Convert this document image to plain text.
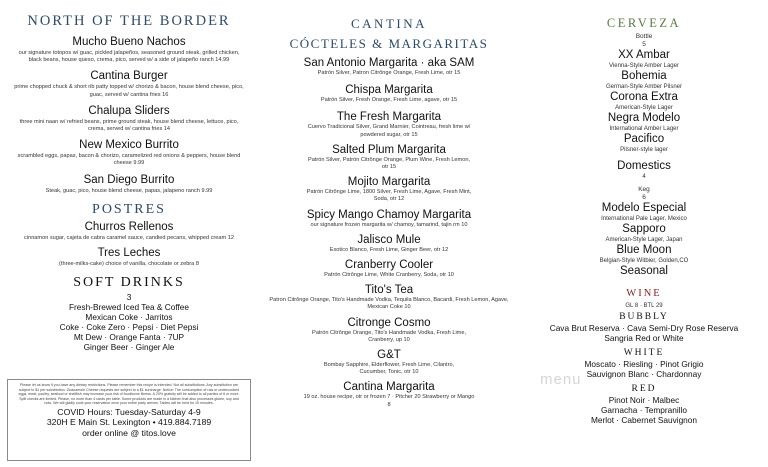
NORTH OF THE BORDER
Mucho Bueno Nachos
our signature totopos w/ guac, pickled jalapeños, seasoned ground steak, grilled chicken, black beans, house queso, crema, pico, served w/ a side of jalapeño ranch 14.99
Cantina Burger
prime chopped chuck & short rib patty topped w/ chorizo & bacon, house blend cheese, pico, guac, served w/ cantina fries 16
Chalupa Sliders
three mini naan w/ refried beans, prime ground steak, house blend cheese, lettuce, pico, crema, served w/ cantina fries 14
New Mexico Burrito
scrambled eggs, papas, bacon & chorizo, caramelized red onions & peppers, house blend cheese 9.99
San Diego Burrito
Steak, guac, pico, house blend cheese, papas, jalapeno ranch 9.99
POSTRES
Churros Rellenos
cinnamon sugar, cajeta de cabra caramel sauce, candied pecans, whipped cream 12
Tres Leches
(three-milks-cake) choice of vanilla, chocolate or zebra 8
SOFT DRINKS
3
Fresh-Brewed Iced Tea & Coffee
Mexican Coke · Jarritos
Coke · Coke Zero · Pepsi · Diet Pepsi
Mt Dew · Orange Fanta · 7UP
Ginger Beer · Ginger Ale
Please let us know if you have any dietary restrictions. Please remember this recipe is intended. Not all substitutions. Any substitution are subject to $1 per substitution. Guacamole Cheese requests are subject to a $1 surcharge. Notice: The consumption of raw or undercooked eggs, meat, poultry, seafood or shellfish may increase your risk of foodborne illness. A 20% gratuity will be added to all parties of 6 or more. Split checks are limited. Please, no more than 4 cards per table. Some products are made in a kitchen that also processes gluten, soy and nuts. We will gladly cook your reservation once your entire party arrives. Tables will be held for 15 minutes.
COVID Hours: Tuesday-Saturday 4-9
320H E Main St. Lexington • 419.884.7189
order online @ titos.love
CANTINA
CÓCTELES & MARGARITAS
San Antonio Margarita · aka SAM
Patrón Silver, Patron Citrônge Orange, Fresh Lime, otr 15
Chispa Margarita
Patrón Silver, Fresh Orange, Fresh Lime, agave, otr 15
The Fresh Margarita
Cuervo Tradicional Silver, Grand Marnier, Cointreau, fresh lime w/ powdered sugar, otr 15
Salted Plum Margarita
Patrón Silver, Patrón Citrônge Orange, Plum Wine, Fresh Lemon, otr 15
Mojito Margarita
Patrón Citrônge Lime, 1800 Silver, Fresh Lime, Agave, Fresh Mint, Soda, otr 12
Spicy Mango Chamoy Margarita
our signature frozen margarita w/ chamoy, tamarind, tajin rm 10
Jalisco Mule
Exotico Blanco, Fresh Lime, Ginger Beer, otr 12
Cranberry Cooler
Patrón Citrônge Lime, White Cranberry, Soda, otr 10
Tito's Tea
Patron Citrônge Orange, Tito's Handmade Vodka, Tequila Blanco, Bacardi, Fresh Lemon, Agave, Mexican Coke 10
Citronge Cosmo
Patrón Citrônge Orange, Tito's Handmade Vodka, Fresh Lime, Cranberry, up 10
G&T
Bombay Sapphire, Elderflower, Fresh Lime, Cilantro, Cucumber, Tonic, otr 10
Cantina Margarita
19 oz. house recipe, otr or frozen 7 · Pitcher 20 Strawberry or Mango 8
CERVEZA
Bottle
5
XX Ambar
Vienna-Style Amber Lager
Bohemia
German-Style Amber Pilsner
Corona Extra
American-Style Lager
Negra Modelo
International Amber Lager
Pacifico
Pilsner-style lager
Domestics
4
Keg
6
Modelo Especial
International Pale Lager, Mexico
Sapporo
American-Style Lager, Japan
Blue Moon
Belgian-Style Witbier, Golden,CO
Seasonal
WINE
GL 8 · BTL 29
BUBBLY
Cava Brut Reserva · Cava Semi-Dry Rose Reserva
Sangria Red or White
WHITE
Moscato · Riesling · Pinot Grigio
Sauvignon Blanc · Chardonnay
RED
Pinot Noir · Malbec
Garnacha · Tempranillo
Merlot · Cabernet Sauvignon
menu
